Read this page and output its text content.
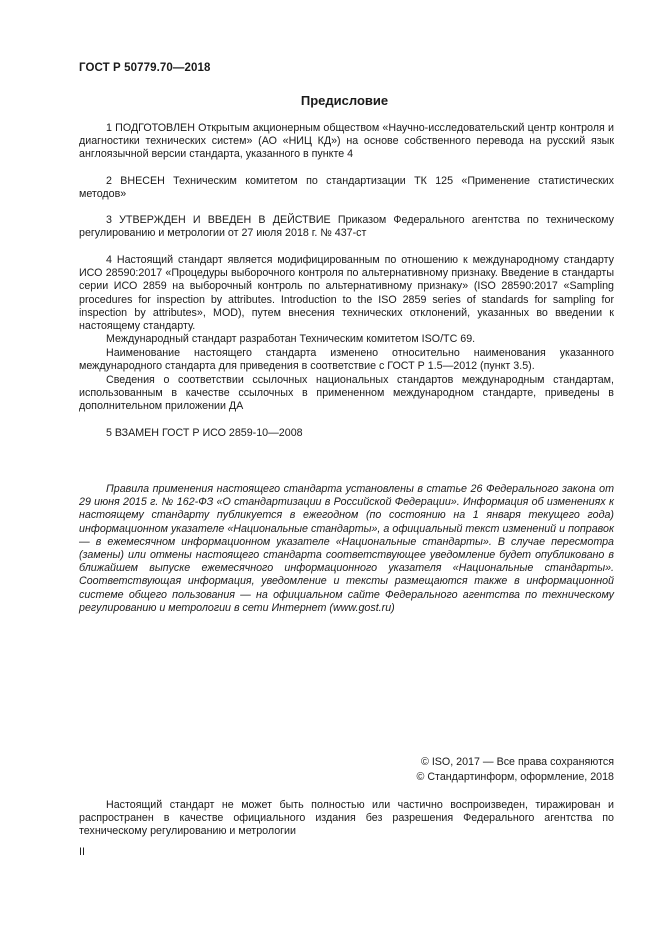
ГОСТ Р 50779.70—2018
Предисловие

1 ПОДГОТОВЛЕН Открытым акционерным обществом «Научно-исследовательский центр контроля и диагностики технических систем» (АО «НИЦ КД») на основе собственного перевода на русский язык англоязычной версии стандарта, указанного в пункте 4

2 ВНЕСЕН Техническим комитетом по стандартизации ТК 125 «Применение статистических методов»

3 УТВЕРЖДЕН И ВВЕДЕН В ДЕЙСТВИЕ Приказом Федерального агентства по техническому регулированию и метрологии от 27 июля 2018 г. № 437-ст

4 Настоящий стандарт является модифицированным по отношению к международному стандарту ИСО 28590:2017 «Процедуры выборочного контроля по альтернативному признаку. Введение в стандарты серии ИСО 2859 на выборочный контроль по альтернативному признаку» (ISO 28590:2017 «Sampling procedures for inspection by attributes. Introduction to the ISO 2859 series of standards for sampling for inspection by attributes», MOD), путем внесения технических отклонений, указанных во введении к настоящему стандарту.

Международный стандарт разработан Техническим комитетом ISO/TC 69.

Наименование настоящего стандарта изменено относительно наименования указанного международного стандарта для приведения в соответствие с ГОСТ Р 1.5—2012 (пункт 3.5).

Сведения о соответствии ссылочных национальных стандартов международным стандартам, использованным в качестве ссылочных в примененном международном стандарте, приведены в дополнительном приложении ДА

5 ВЗАМЕН ГОСТ Р ИСО 2859-10—2008

Правила применения настоящего стандарта установлены в статье 26 Федерального закона от 29 июня 2015 г. № 162-ФЗ «О стандартизации в Российской Федерации». Информация об изменениях к настоящему стандарту публикуется в ежегодном (по состоянию на 1 января текущего года) информационном указателе «Национальные стандарты», а официальный текст изменений и поправок — в ежемесячном информационном указателе «Национальные стандарты». В случае пересмотра (замены) или отмены настоящего стандарта соответствующее уведомление будет опубликовано в ближайшем выпуске ежемесячного информационного указателя «Национальные стандарты». Соответствующая информация, уведомление и тексты размещаются также в информационной системе общего пользования — на официальном сайте Федерального агентства по техническому регулированию и метрологии в сети Интернет (www.gost.ru)

© ISO, 2017 — Все права сохраняются
© Стандартинформ, оформление, 2018

Настоящий стандарт не может быть полностью или частично воспроизведен, тиражирован и распространен в качестве официального издания без разрешения Федерального агентства по техническому регулированию и метрологии

II
